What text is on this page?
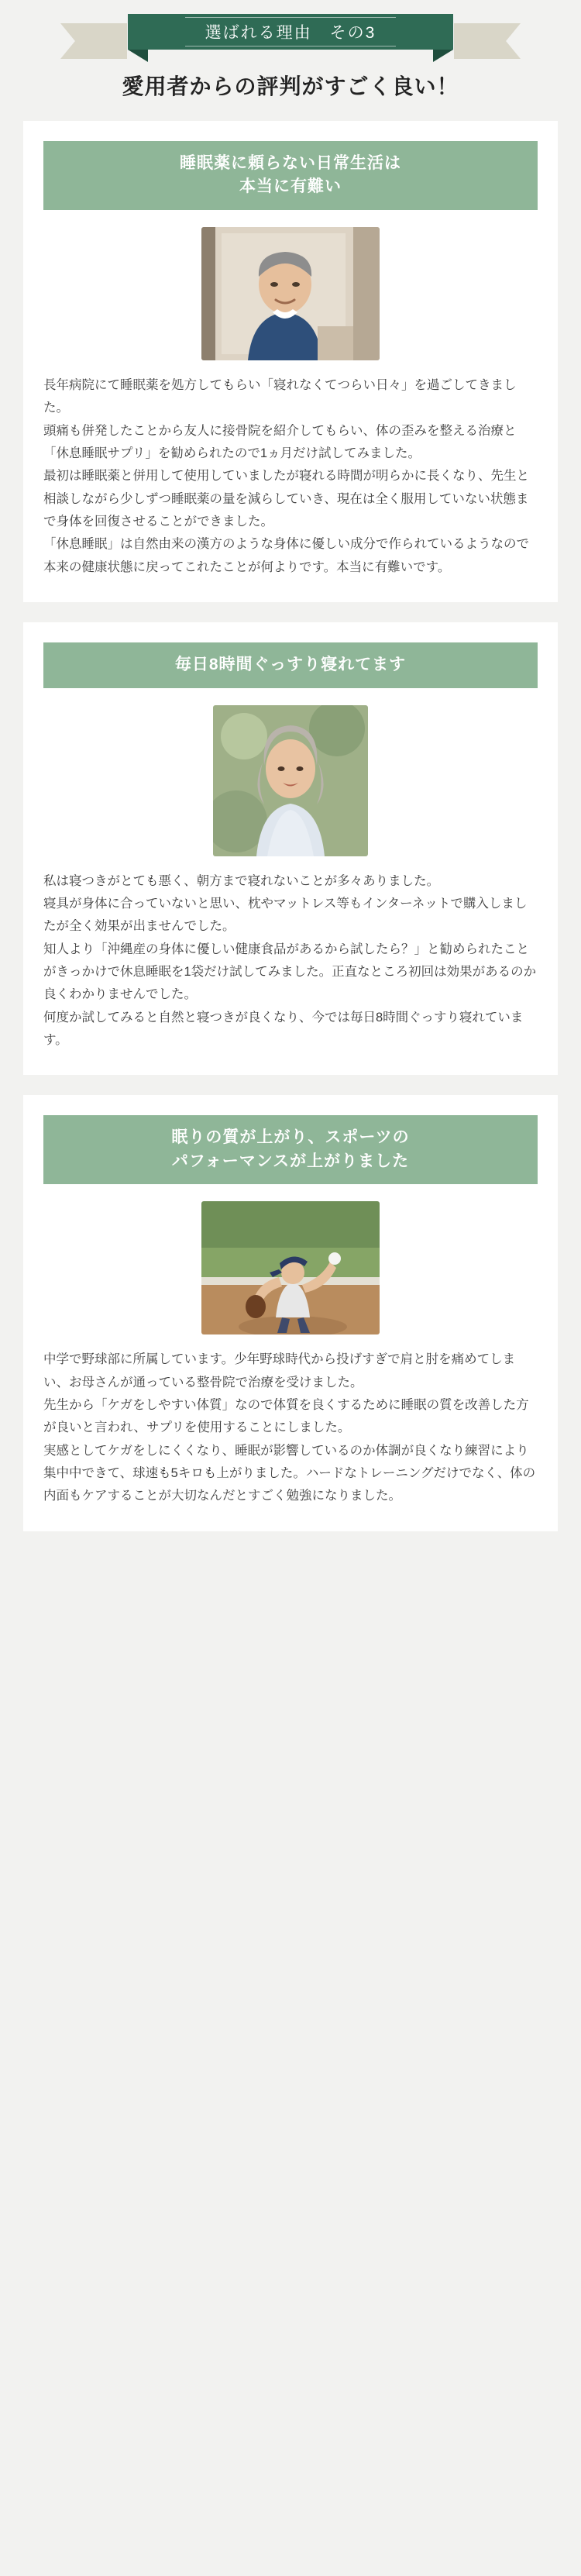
選ばれる理由　その3
愛用者からの評判がすごく良い！
睡眠薬に頼らない日常生活は
本当に有難い

長年病院にて睡眠薬を処方してもらい「寝れなくてつらい日々」を過ごしてきました。
頭痛も併発したことから友人に接骨院を紹介してもらい、体の歪みを整える治療と「休息睡眠サプリ」を勧められたので1ヵ月だけ試してみました。
最初は睡眠薬と併用して使用していましたが寝れる時間が明らかに長くなり、先生と相談しながら少しずつ睡眠薬の量を減らしていき、現在は全く服用していない状態まで身体を回復させることができました。
「休息睡眠」は自然由来の漢方のような身体に優しい成分で作られているようなので本来の健康状態に戻ってこれたことが何よりです。本当に有難いです。

毎日8時間ぐっすり寝れてます

私は寝つきがとても悪く、朝方まで寝れないことが多々ありました。
寝具が身体に合っていないと思い、枕やマットレス等もインターネットで購入しましたが全く効果が出ませんでした。
知人より「沖縄産の身体に優しい健康食品があるから試したら？」と勧められたことがきっかけで休息睡眠を1袋だけ試してみました。正直なところ初回は効果があるのか良くわかりませんでした。
何度か試してみると自然と寝つきが良くなり、今では毎日8時間ぐっすり寝れています。

眠りの質が上がり、スポーツの
パフォーマンスが上がりました

中学で野球部に所属しています。少年野球時代から投げすぎで肩と肘を痛めてしまい、お母さんが通っている整骨院で治療を受けました。
先生から「ケガをしやすい体質」なので体質を良くするために睡眠の質を改善した方が良いと言われ、サプリを使用することにしました。
実感としてケガをしにくくなり、睡眠が影響しているのか体調が良くなり練習により集中中できて、球速も5キロも上がりました。ハードなトレーニングだけでなく、体の内面もケアすることが大切なんだとすごく勉強になりました。
